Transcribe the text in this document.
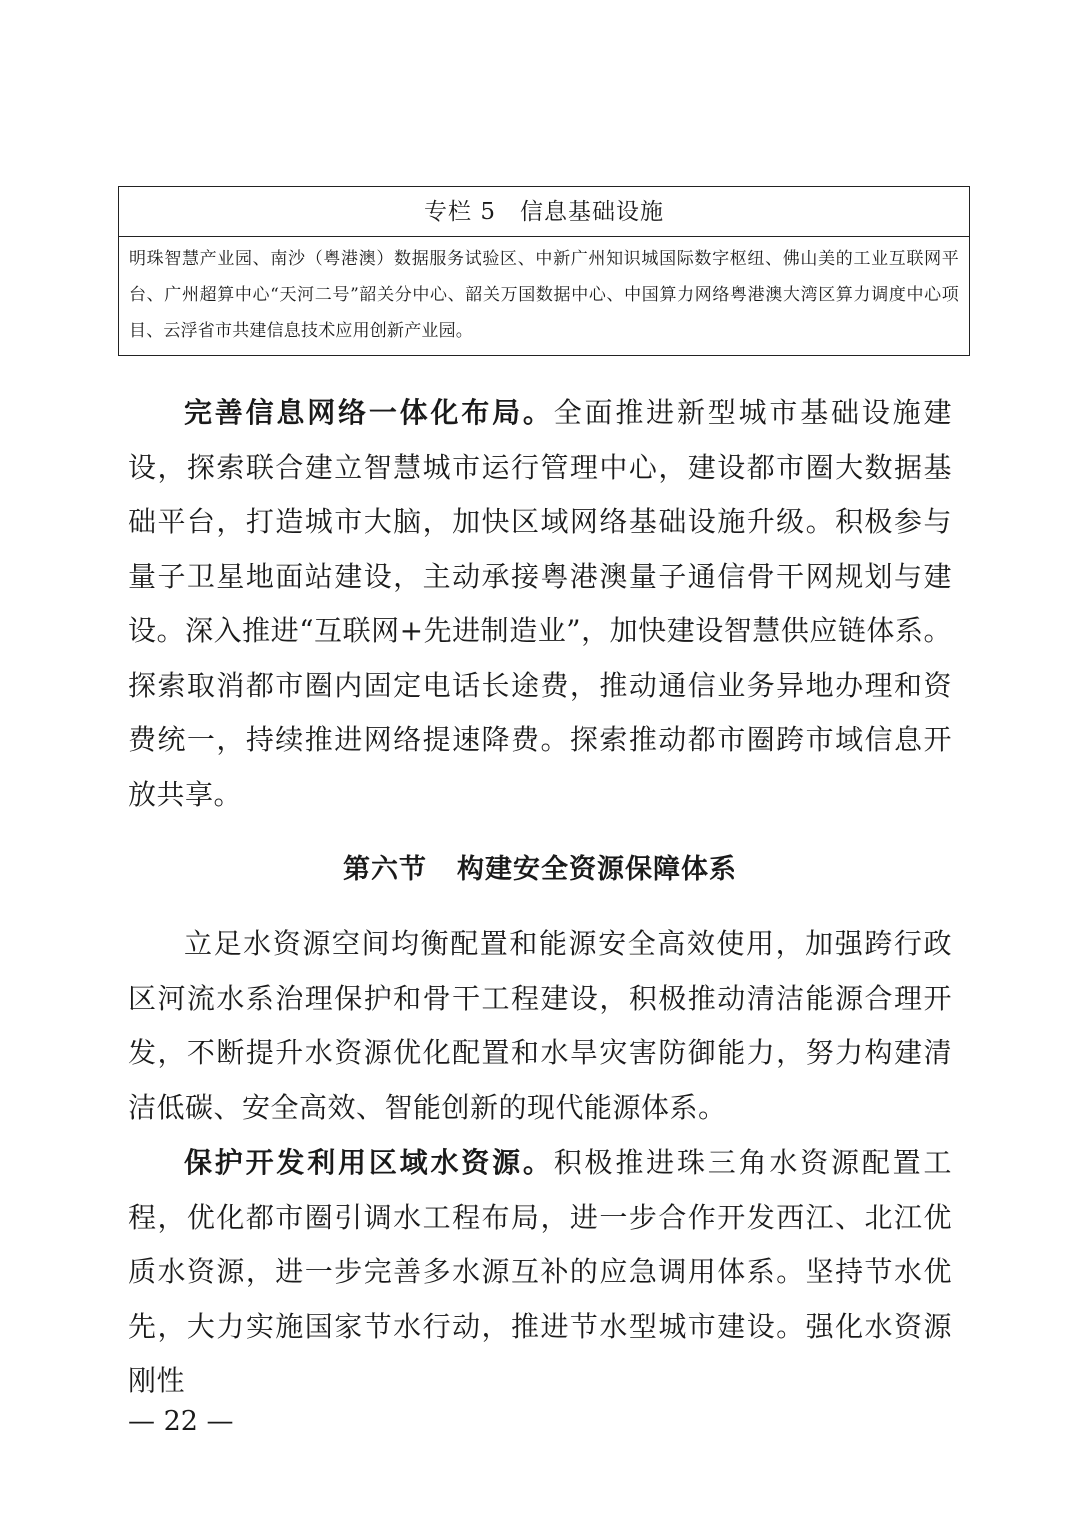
专栏 5 信息基础设施
明珠智慧产业园、南沙（粤港澳）数据服务试验区、中新广州知识城国际数字枢纽、佛山美的工业互联网平台、广州超算中心“天河二号”韶关分中心、韶关万国数据中心、中国算力网络粤港澳大湾区算力调度中心项目、云浮省市共建信息技术应用创新产业园。
完善信息网络一体化布局。全面推进新型城市基础设施建设，探索联合建立智慧城市运行管理中心，建设都市圈大数据基础平台，打造城市大脑，加快区域网络基础设施升级。积极参与量子卫星地面站建设，主动承接粤港澳量子通信骨干网规划与建设。深入推进“互联网+先进制造业”，加快建设智慧供应链体系。探索取消都市圈内固定电话长途费，推动通信业务异地办理和资费统一，持续推进网络提速降费。探索推动都市圈跨市域信息开放共享。
第六节 构建安全资源保障体系
立足水资源空间均衡配置和能源安全高效使用，加强跨行政区河流水系治理保护和骨干工程建设，积极推动清洁能源合理开发，不断提升水资源优化配置和水旱灾害防御能力，努力构建清洁低碳、安全高效、智能创新的现代能源体系。
保护开发利用区域水资源。积极推进珠三角水资源配置工程，优化都市圈引调水工程布局，进一步合作开发西江、北江优质水资源，进一步完善多水源互补的应急调用体系。坚持节水优先，大力实施国家节水行动，推进节水型城市建设。强化水资源刚性
— 22 —
